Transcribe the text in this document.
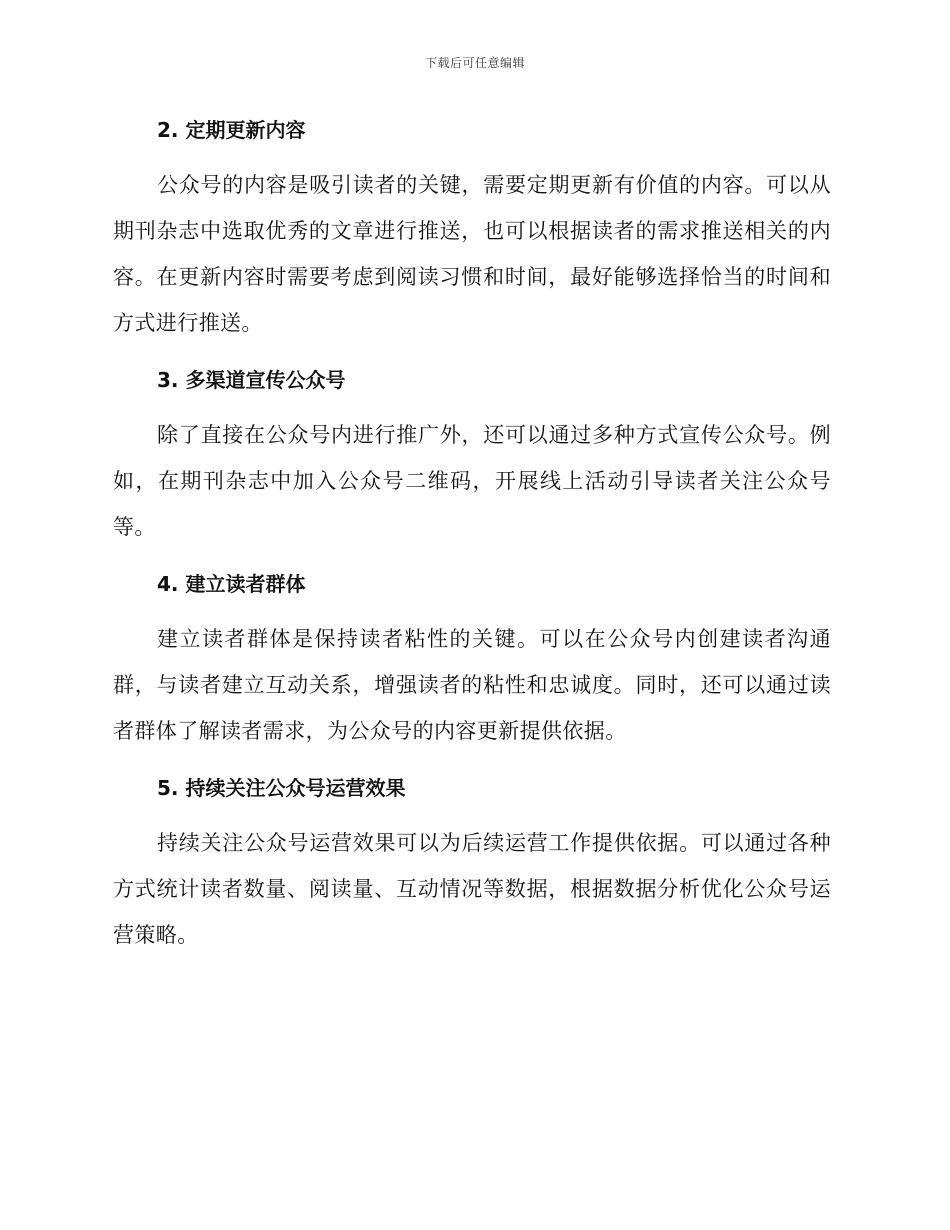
下载后可任意编辑
2. 定期更新内容

公众号的内容是吸引读者的关键，需要定期更新有价值的内容。可以从期刊杂志中选取优秀的文章进行推送，也可以根据读者的需求推送相关的内容。在更新内容时需要考虑到阅读习惯和时间，最好能够选择恰当的时间和方式进行推送。

3. 多渠道宣传公众号

除了直接在公众号内进行推广外，还可以通过多种方式宣传公众号。例如，在期刊杂志中加入公众号二维码，开展线上活动引导读者关注公众号等。

4. 建立读者群体

建立读者群体是保持读者粘性的关键。可以在公众号内创建读者沟通群，与读者建立互动关系，增强读者的粘性和忠诚度。同时，还可以通过读者群体了解读者需求，为公众号的内容更新提供依据。

5. 持续关注公众号运营效果

持续关注公众号运营效果可以为后续运营工作提供依据。可以通过各种方式统计读者数量、阅读量、互动情况等数据，根据数据分析优化公众号运营策略。
